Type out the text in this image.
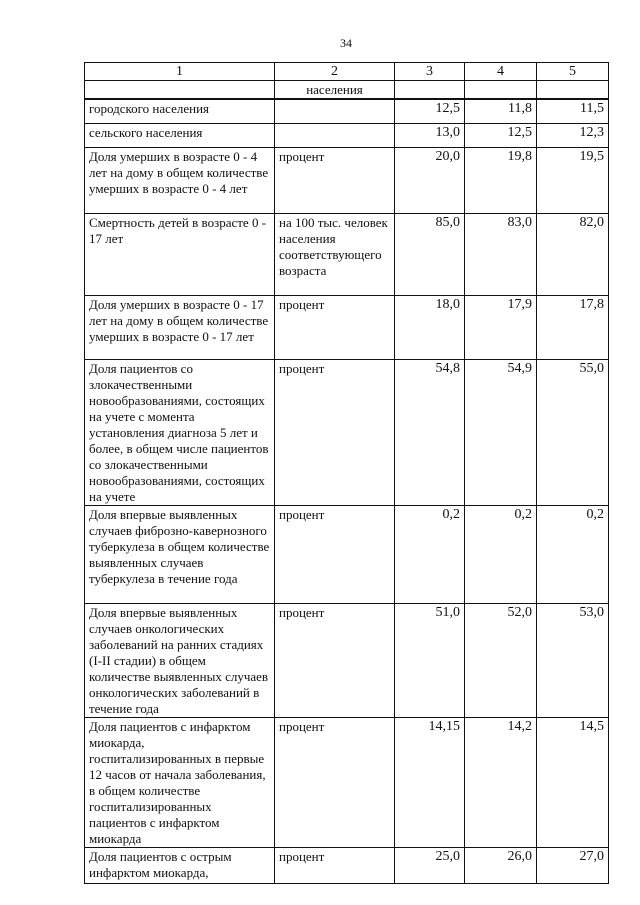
34
1	2	3	4	5
	населения			
городского населения		12,5	11,8	11,5
сельского населения		13,0	12,5	12,3
Доля умерших в возрасте 0 - 4 лет на дому в общем количестве умерших в возрасте 0 - 4 лет	процент	20,0	19,8	19,5
Смертность детей в возрасте 0 - 17 лет	на 100 тыс. человек населения соответствующего возраста	85,0	83,0	82,0
Доля умерших в возрасте 0 - 17 лет на дому в общем количестве умерших в возрасте 0 - 17 лет	процент	18,0	17,9	17,8
Доля пациентов со злокачественными новообразованиями, состоящих на учете с момента установления диагноза 5 лет и более, в общем числе пациентов со злокачественными новообразованиями, состоящих на учете	процент	54,8	54,9	55,0
Доля впервые выявленных случаев фиброзно-кавернозного туберкулеза в общем количестве выявленных случаев туберкулеза в течение года	процент	0,2	0,2	0,2
Доля впервые выявленных случаев онкологических заболеваний на ранних стадиях (I-II стадии) в общем количестве выявленных случаев онкологических заболеваний в течение года	процент	51,0	52,0	53,0
Доля пациентов с инфарктом миокарда, госпитализированных в первые 12 часов от начала заболевания, в общем количестве госпитализированных пациентов с инфарктом миокарда	процент	14,15	14,2	14,5
Доля пациентов с острым инфарктом миокарда,	процент	25,0	26,0	27,0
